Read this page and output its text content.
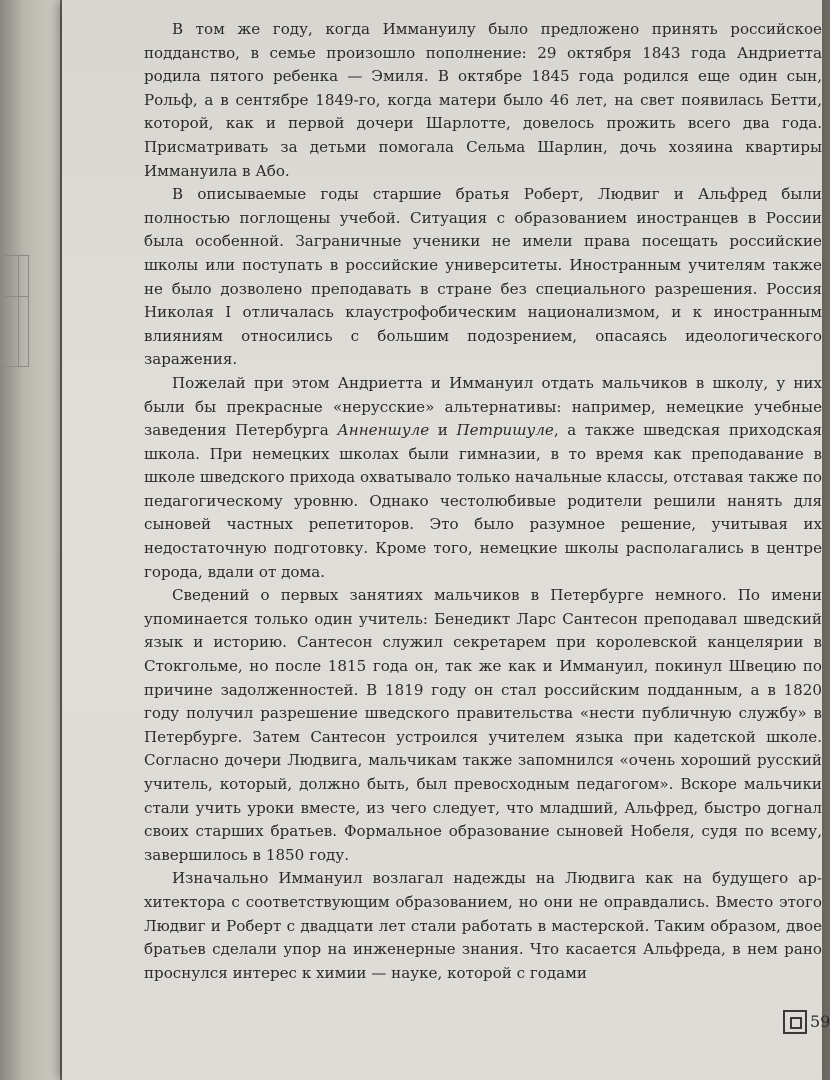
В том же году, когда Иммануилу было предложено принять российское подданство, в семье произошло пополнение: 29 октября 1843 года Андриетта родила пятого ребенка — Эмиля. В октябре 1845 года родился еще один сын, Рольф, а в сентябре 1849-го, когда матери было 46 лет, на свет появилась Бетти, которой, как и первой дочери Шарлотте, довелось прожить всего два года. Присматривать за детьми помогала Сельма Шарлин, дочь хозяина квартиры Иммануила в Або.

В описываемые годы старшие братья Роберт, Людвиг и Альфред были полностью поглощены учебой. Ситуация с образованием иностранцев в России была особенной. Заграничные ученики не имели права посещать российские школы или поступать в российские университеты. Иностранным учителям также не было дозволено преподавать в стране без специального разрешения. Россия Николая I отличалась клаустрофобическим национализмом, и к иностранным влияниям относились с большим подозрением, опасаясь идеологического заражения.

Пожелай при этом Андриетта и Иммануил отдать мальчиков в школу, у них были бы прекрасные «нерусские» альтернативы: например, немецкие учебные заведения Петербурга Анненшуле и Петришуле, а также шведская приходская школа. При немецких школах были гимназии, в то время как преподавание в школе шведского прихода охватывало только начальные классы, отставая также по педагогическому уровню. Однако честолюбивые родители решили нанять для сыновей частных репетиторов. Это было разумное решение, учитывая их недостаточную подготовку. Кроме того, немецкие школы располагались в центре города, вдали от дома.

Сведений о первых занятиях мальчиков в Петербурге немного. По имени упоминается только один учитель: Бенедикт Ларс Сантесон преподавал шведский язык и историю. Сантесон служил секретарем при королевской канцелярии в Стокгольме, но после 1815 года он, так же как и Иммануил, покинул Швецию по причине задолженностей. В 1819 году он стал российским подданным, а в 1820 году получил разрешение шведского правительства «нести публичную службу» в Петербурге. Затем Сантесон устроился учителем языка при кадетской школе. Согласно дочери Людвига, мальчикам также запомнился «очень хороший русский учитель, который, должно быть, был превосходным педагогом». Вскоре мальчики стали учить уроки вместе, из чего следует, что младший, Альфред, быстро догнал своих старших братьев. Формальное образование сыновей Нобеля, судя по всему, завершилось в 1850 году.

Изначально Иммануил возлагал надежды на Людвига как на будущего архитектора с соответствующим образованием, но они не оправдались. Вместо этого Людвиг и Роберт с двадцати лет стали работать в мастерской. Таким образом, двое братьев сделали упор на инженерные знания. Что касается Альфреда, в нем рано проснулся интерес к химии — науке, которой с годами

59
